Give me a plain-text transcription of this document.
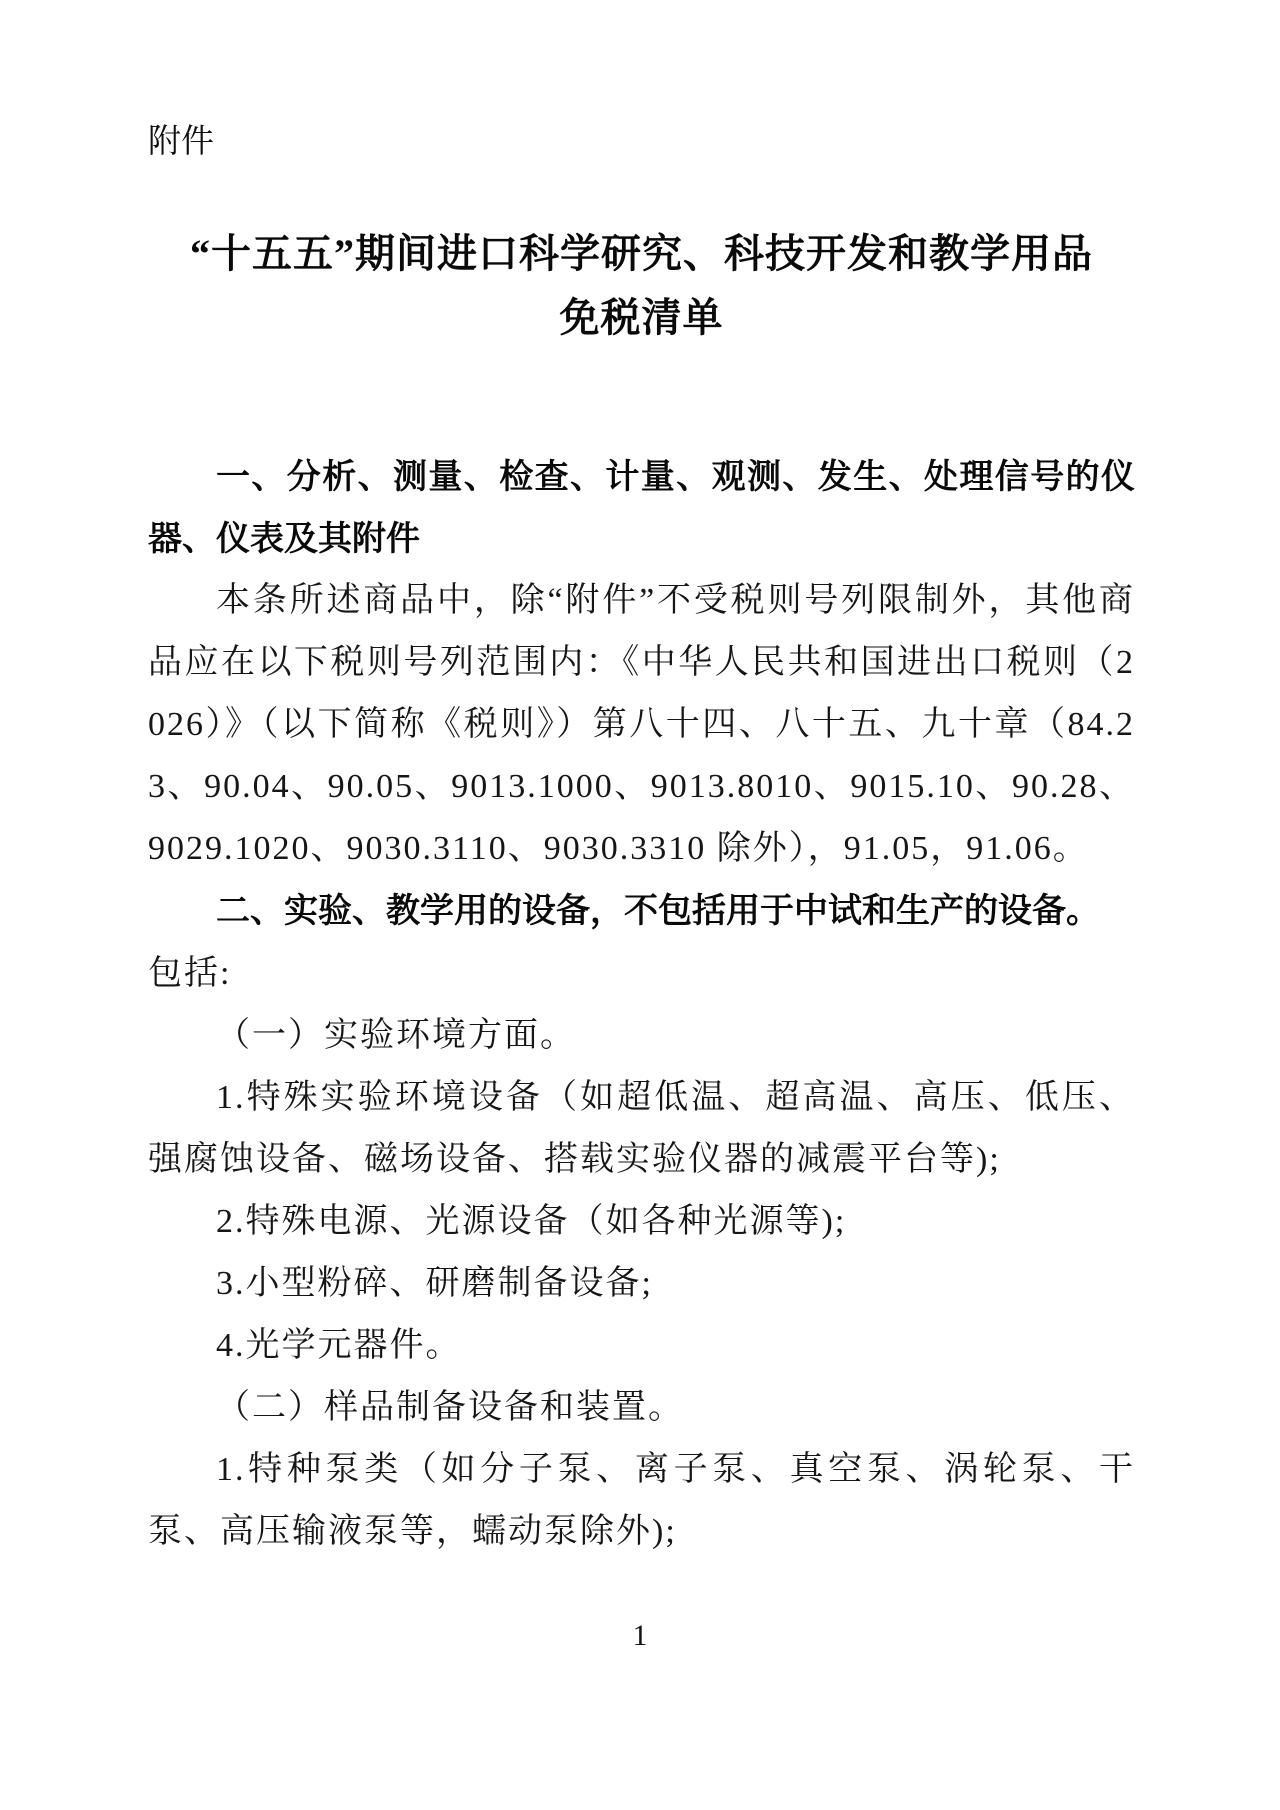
附件
“十五五”期间进口科学研究、科技开发和教学用品
免税清单

一、分析、测量、检查、计量、观测、发生、处理信号的仪器、仪表及其附件

本条所述商品中，除“附件”不受税则号列限制外，其他商品应在以下税则号列范围内：《中华人民共和国进出口税则（2026）》（以下简称《税则》）第八十四、八十五、九十章（84.23、90.04、90.05、9013.1000、9013.8010、9015.10、90.28、9029.1020、9030.3110、9030.3310 除外），91.05，91.06。

二、实验、教学用的设备，不包括用于中试和生产的设备。
包括:

（一）实验环境方面。

1.特殊实验环境设备（如超低温、超高温、高压、低压、强腐蚀设备、磁场设备、搭载实验仪器的减震平台等);

2.特殊电源、光源设备（如各种光源等);

3.小型粉碎、研磨制备设备;

4.光学元器件。

（二）样品制备设备和装置。

1.特种泵类（如分子泵、离子泵、真空泵、涡轮泵、干泵、高压输液泵等，蠕动泵除外);

1
